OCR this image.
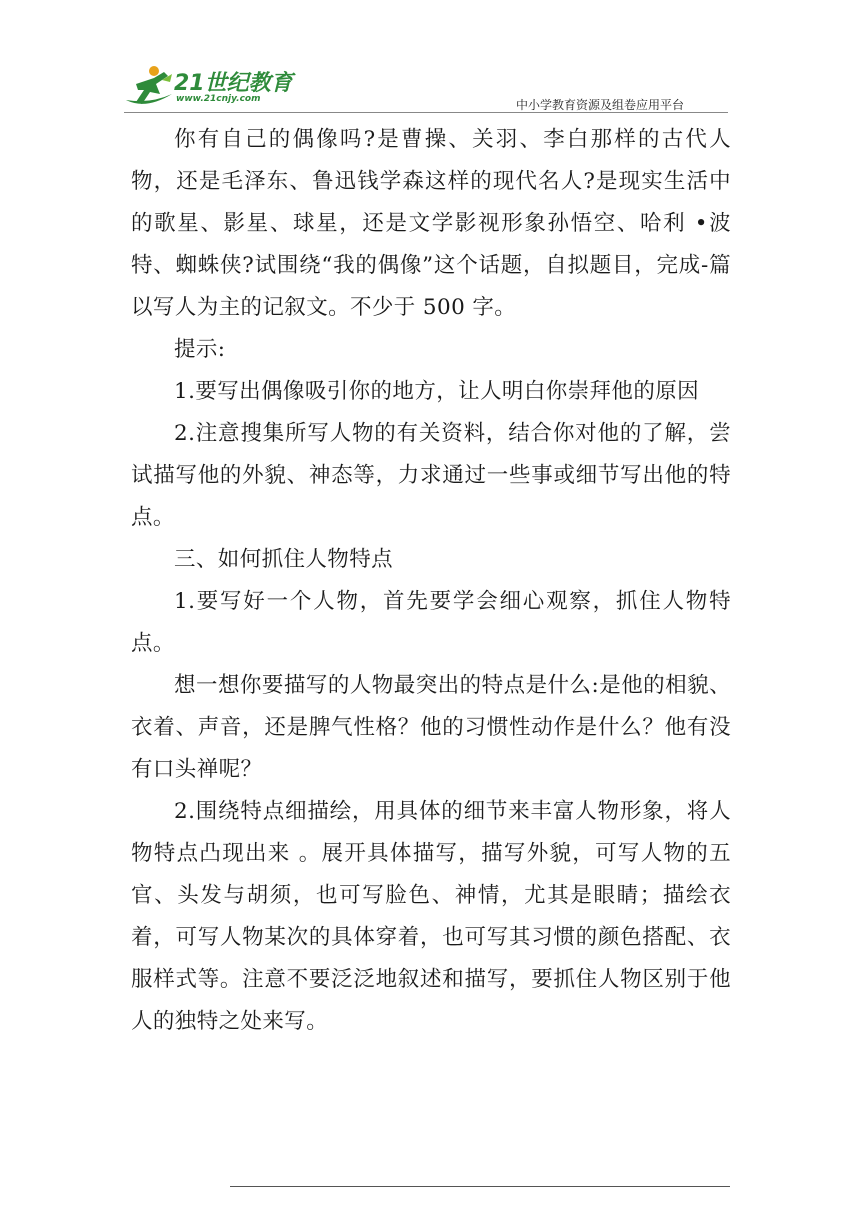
21世纪教育
www.21cnjy.com	中小学教育资源及组卷应用平台

你有自己的偶像吗?是曹操、关羽、李白那样的古代人物，还是毛泽东、鲁迅钱学森这样的现代名人?是现实生活中的歌星、影星、球星，还是文学影视形象孙悟空、哈利 •波特、蜘蛛侠?试围绕“我的偶像”这个话题，自拟题目，完成-篇以写人为主的记叙文。不少于 500 字。

提示:

1.要写出偶像吸引你的地方，让人明白你崇拜他的原因

2.注意搜集所写人物的有关资料，结合你对他的了解，尝试描写他的外貌、神态等，力求通过一些事或细节写出他的特点。

三、如何抓住人物特点

1.要写好一个人物，首先要学会细心观察，抓住人物特点。

想一想你要描写的人物最突出的特点是什么:是他的相貌、衣着、声音，还是脾气性格？他的习惯性动作是什么？他有没有口头禅呢？

2.围绕特点细描绘，用具体的细节来丰富人物形象，将人物特点凸现出来 。展开具体描写，描写外貌，可写人物的五官、头发与胡须，也可写脸色、神情，尤其是眼睛；描绘衣着，可写人物某次的具体穿着，也可写其习惯的颜色搭配、衣服样式等。注意不要泛泛地叙述和描写，要抓住人物区别于他人的独特之处来写。
